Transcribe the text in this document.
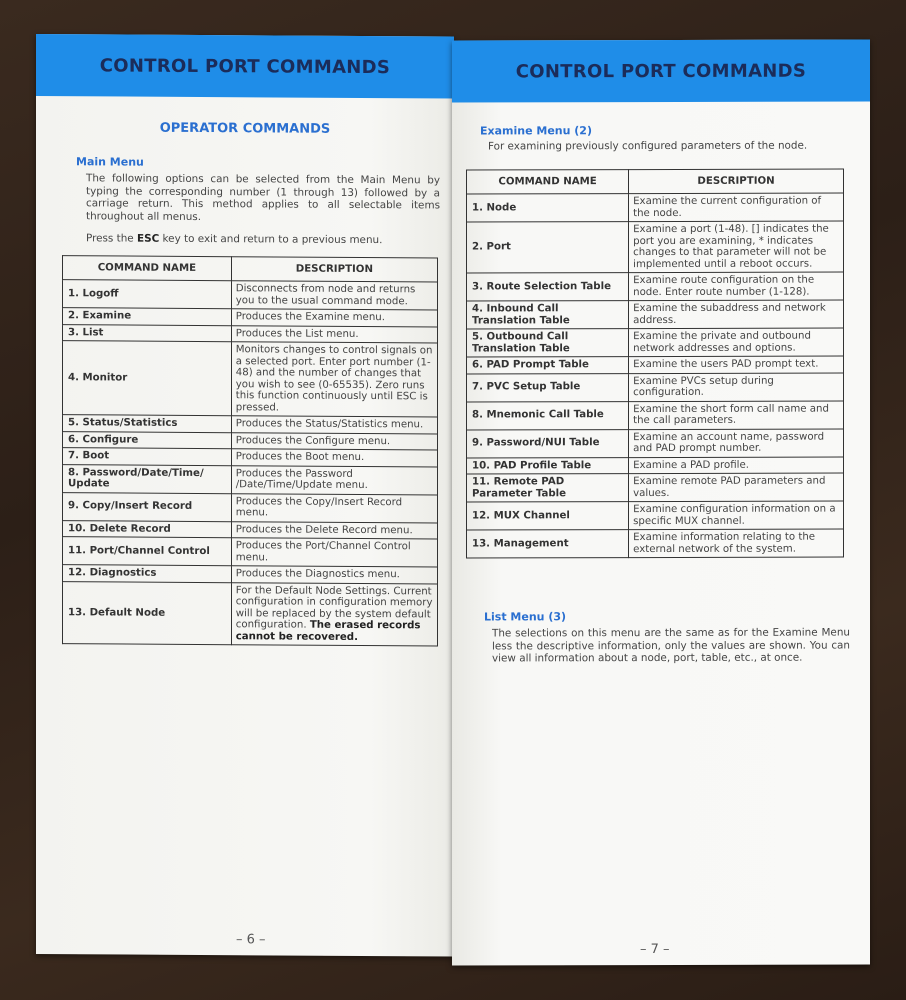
CONTROL PORT COMMANDS
OPERATOR COMMANDS
Main Menu
The following options can be selected from the Main Menu by typing the corresponding number (1 through 13) followed by a carriage return. This method applies to all selectable items throughout all menus.
Press the ESC key to exit and return to a previous menu.
COMMAND NAME	DESCRIPTION
1. Logoff	Disconnects from node and returns you to the usual command mode.
2. Examine	Produces the Examine menu.
3. List	Produces the List menu.
4. Monitor	Monitors changes to control signals on a selected port. Enter port number (1-48) and the number of changes that you wish to see (0-65535). Zero runs this function continuously until ESC is pressed.
5. Status/Statistics	Produces the Status/Statistics menu.
6. Configure	Produces the Configure menu.
7. Boot	Produces the Boot menu.
8. Password/Date/Time/ Update	Produces the Password /Date/Time/Update menu.
9. Copy/Insert Record	Produces the Copy/Insert Record menu.
10. Delete Record	Produces the Delete Record menu.
11. Port/Channel Control	Produces the Port/Channel Control menu.
12. Diagnostics	Produces the Diagnostics menu.
13. Default Node	For the Default Node Settings. Current configuration in configuration memory will be replaced by the system default configuration. The erased records cannot be recovered.
– 6 –
CONTROL PORT COMMANDS
Examine Menu (2)
For examining previously configured parameters of the node.
COMMAND NAME	DESCRIPTION
1. Node	Examine the current configuration of the node.
2. Port	Examine a port (1-48). [] indicates the port you are examining, * indicates changes to that parameter will not be implemented until a reboot occurs.
3. Route Selection Table	Examine route configuration on the node. Enter route number (1-128).
4. Inbound Call Translation Table	Examine the subaddress and network address.
5. Outbound Call Translation Table	Examine the private and outbound network addresses and options.
6. PAD Prompt Table	Examine the users PAD prompt text.
7. PVC Setup Table	Examine PVCs setup during configuration.
8. Mnemonic Call Table	Examine the short form call name and the call parameters.
9. Password/NUI Table	Examine an account name, password and PAD prompt number.
10. PAD Profile Table	Examine a PAD profile.
11. Remote PAD Parameter Table	Examine remote PAD parameters and values.
12. MUX Channel	Examine configuration information on a specific MUX channel.
13. Management	Examine information relating to the external network of the system.
List Menu (3)
The selections on this menu are the same as for the Examine Menu less the descriptive information, only the values are shown. You can view all information about a node, port, table, etc., at once.
– 7 –
